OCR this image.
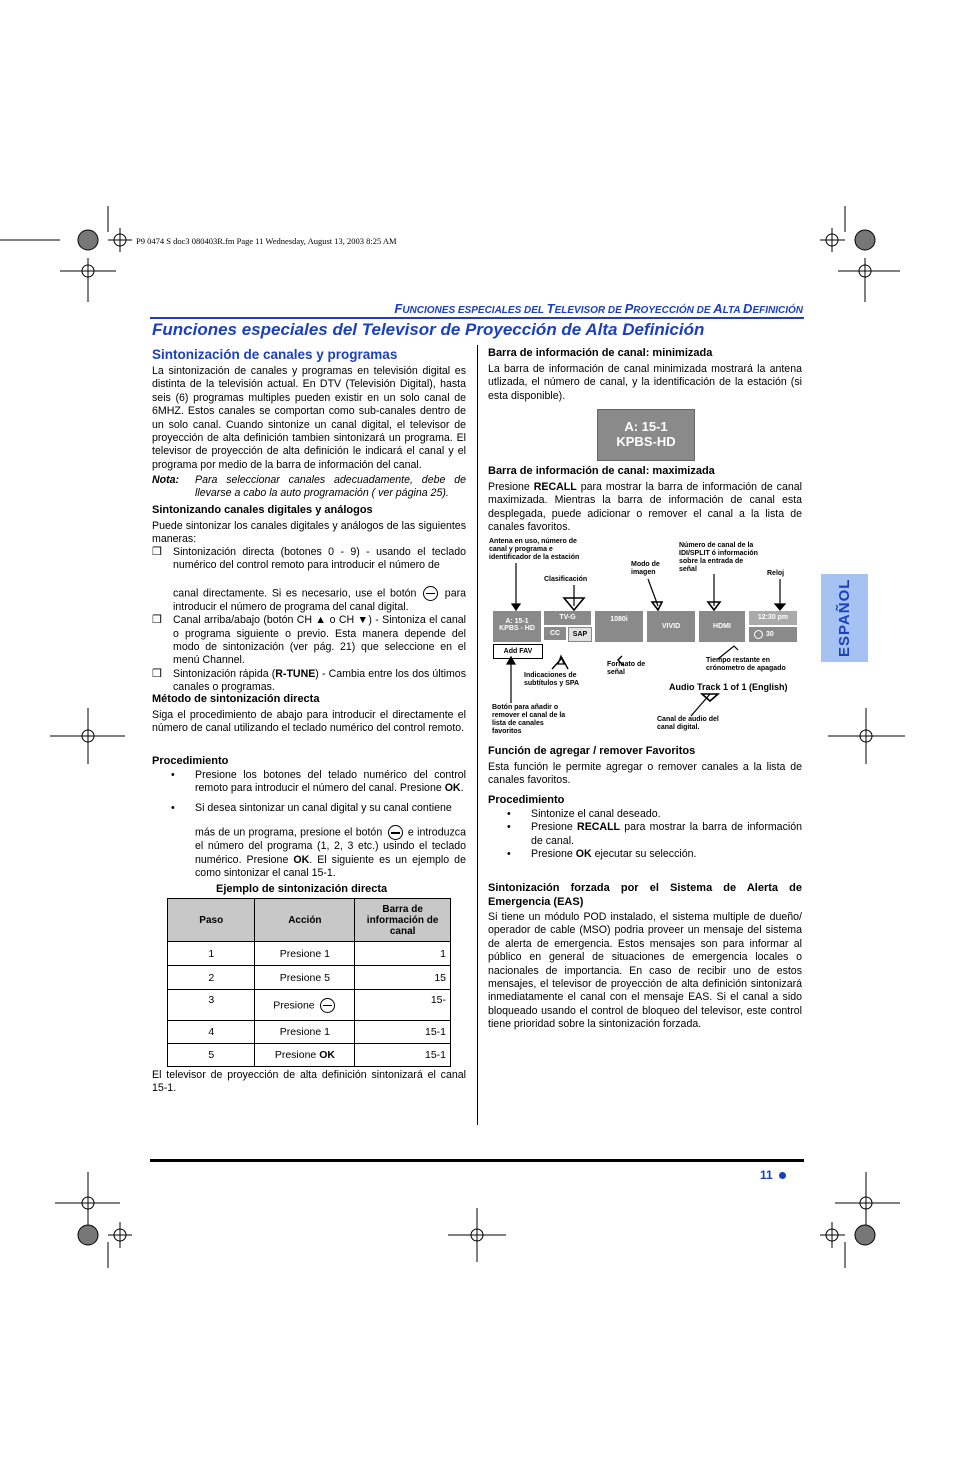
P9 0474 S doc3 080403R.fm Page 11 Wednesday, August 13, 2003 8:25 AM
FUNCIONES ESPECIALES DEL TELEVISOR DE PROYECCIÓN DE ALTA DEFINICIÓN
Funciones especiales del Televisor de Proyección de Alta Definición
Sintonización de canales y programas
La sintonización de canales y programas en televisión digital es distinta de la televisión actual. En DTV (Televisión Digital), hasta seis (6) programas multiples pueden existir en un solo canal de 6MHZ. Estos canales se comportan como sub-canales dentro de un solo canal. Cuando sintonize un canal digital, el televisor de proyección de alta definición tambien sintonizará un programa. El televisor de proyección de alta definición le indicará el canal y el programa por medio de la barra de información del canal.
Nota: Para seleccionar canales adecuadamente, debe de llevarse a cabo la auto programación ( ver página 25).
Sintonizando canales digitales y análogos
Puede sintonizar los canales digitales y análogos de las siguientes maneras:
❒ Sintonización directa (botones 0 - 9) - usando el teclado numérico del control remoto para introducir el número de
canal directamente. Si es necesario, use el botón	para introducir el número de programa del canal digital.
❒ Canal arriba/abajo (botón CH ▲ o CH ▼) - Sintoniza el canal o programa siguiente o previo. Esta manera depende del modo de sintonización (ver pág. 21) que seleccione en el menú Channel.
❒ Sintonización rápida (R-TUNE) - Cambia entre los dos últimos canales o programas.
Método de sintonización directa
Siga el procedimiento de abajo para introducir el directamente el número de canal utilizando el teclado numérico del control remoto.
Procedimiento
• Presione los botones del telado numérico del control remoto para introducir el número del canal. Presione OK.
• Si desea sintonizar un canal digital y su canal contiene
más de un programa, presione el botón e introduzca el número del programa (1, 2, 3 etc.) usindo el teclado numérico. Presione OK. El siguiente es un ejemplo de como sintonizar el canal 15-1.
Ejemplo de sintonización directa
Paso	Acción	Barra de información de canal
1	Presione 1	1
2	Presione 5	15
3	Presione	15-
4	Presione 1	15-1
5	Presione OK	15-1
El televisor de proyección de alta definición sintonizará el canal 15-1.
Barra de información de canal: minimizada
La barra de información de canal minimizada mostrará la antena utlizada, el número de canal, y la identificación de la estación (si esta disponible).
A: 15-1
KPBS-HD
Barra de información de canal: maximizada
Presione RECALL para mostrar la barra de información de canal maximizada. Mientras la barra de información de canal esta desplegada, puede adicionar o remover el canal a la lista de canales favoritos.
Antena en uso, número de canal y programa e identificador de la estación
Clasificación
Modo de imagen
Número de canal de la IDI/SPLIT ó información sobre la entrada de señal
Reloj
A: 15-1
KPBS - HD
TV-G
CC	SAP
1080i
VIVID	HDMI
12:30 pm
30
Add FAV
Formato de señal
Tiempo restante en crónometro de apagado
Indicaciones de subtítulos y SPA	Audio Track 1 of 1 (English)
Botón para añadir o remover el canal de la lista de canales favoritos
Canal de audio del canal digital.
Función de agregar / remover Favoritos
Esta función le permite agregar o remover canales a la lista de canales favoritos.
Procedimiento
• Sintonize el canal deseado.
• Presione RECALL para mostrar la barra de información de canal.
• Presione OK ejecutar su selección.
Sintonización forzada por el Sistema de Alerta de Emergencia (EAS)
Si tiene un módulo POD instalado, el sistema multiple de dueño/ operador de cable (MSO) podria proveer un mensaje del sistema de alerta de emergencia. Estos mensajes son para informar al público en general de situaciones de emergencia locales o nacionales de importancia. En caso de recibir uno de estos mensajes, el televisor de proyección de alta definición sintonizará inmediatamente el canal con el mensaje EAS. Si el canal a sido bloqueado usando el control de bloqueo del televisor, este control tiene prioridad sobre la sintonización forzada.
ESPAÑOL
11
